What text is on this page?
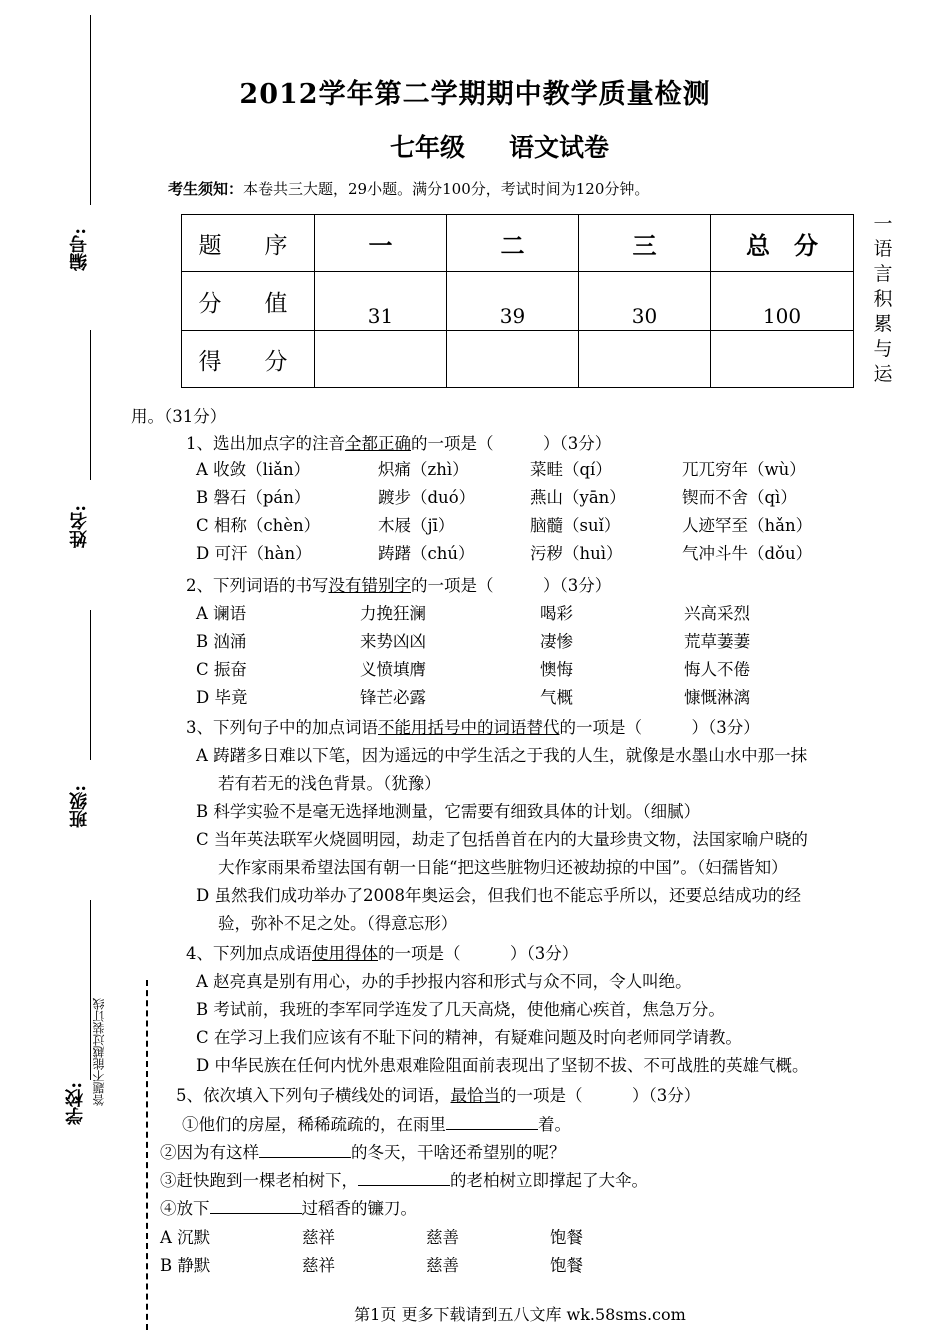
编号:
姓名:
班级:
学校: 答题不能越过装订线
2012学年第二学期期中教学质量检测
七年级 语文试卷
考生须知：本卷共三大题，29小题。满分100分，考试时间为120分钟。
题　序	一	二	三	总　分
分　值	31	39	30	100
得　分				
一语言积累与运
用。（31分）
1、选出加点字的注音全都正确的一项是（　　　）（3分）
A 收敛（liǎn）	炽痛（zhì）	菜畦（qí）	兀兀穷年（wù）
B 磐石（pán）	踱步（duó）	燕山（yān）	锲而不舍（qì）
C 相称（chèn）	木屐（jī）	脑髓（suǐ）	人迹罕至（hǎn）
D 可汗（hàn）	踌躇（chú）	污秽（huì）	气冲斗牛（dǒu）
2、下列词语的书写没有错别字的一项是（　　　）（3分）
A 谰语	力挽狂澜	喝彩	兴高采烈
B 汹涌	来势凶凶	凄惨	荒草萋萋
C 振奋	义愤填膺	懊悔	悔人不倦
D 毕竟	锋芒必露	气概	慷慨淋漓
3、下列句子中的加点词语不能用括号中的词语替代的一项是（　　　）（3分）
A 踌躇多日难以下笔，因为遥远的中学生活之于我的人生，就像是水墨山水中那一抹
若有若无的浅色背景。（犹豫）
B 科学实验不是毫无选择地测量，它需要有细致具体的计划。（细腻）
C 当年英法联军火烧圆明园，劫走了包括兽首在内的大量珍贵文物，法国家喻户晓的
大作家雨果希望法国有朝一日能“把这些脏物归还被劫掠的中国”。（妇孺皆知）
D 虽然我们成功举办了2008年奥运会，但我们也不能忘乎所以，还要总结成功的经
验，弥补不足之处。（得意忘形）
4、下列加点成语使用得体的一项是（　　　）（3分）
A 赵亮真是别有用心，办的手抄报内容和形式与众不同，令人叫绝。
B 考试前，我班的李军同学连发了几天高烧，使他痛心疾首，焦急万分。
C 在学习上我们应该有不耻下问的精神，有疑难问题及时向老师同学请教。
D 中华民族在任何内忧外患艰难险阻面前表现出了坚韧不拔、不可战胜的英雄气概。
5、依次填入下列句子横线处的词语，最恰当的一项是（　　　）（3分）
①他们的房屋，稀稀疏疏的，在雨里	着。
②因为有这样	的冬天，干啥还希望别的呢？
③赶快跑到一棵老柏树下，	的老柏树立即撑起了大伞。
④放下	过稻香的镰刀。
A 沉默	慈祥	慈善	饱餐
B 静默	慈祥	慈善	饱餐
第1页 更多下载请到五八文库 wk.58sms.com
